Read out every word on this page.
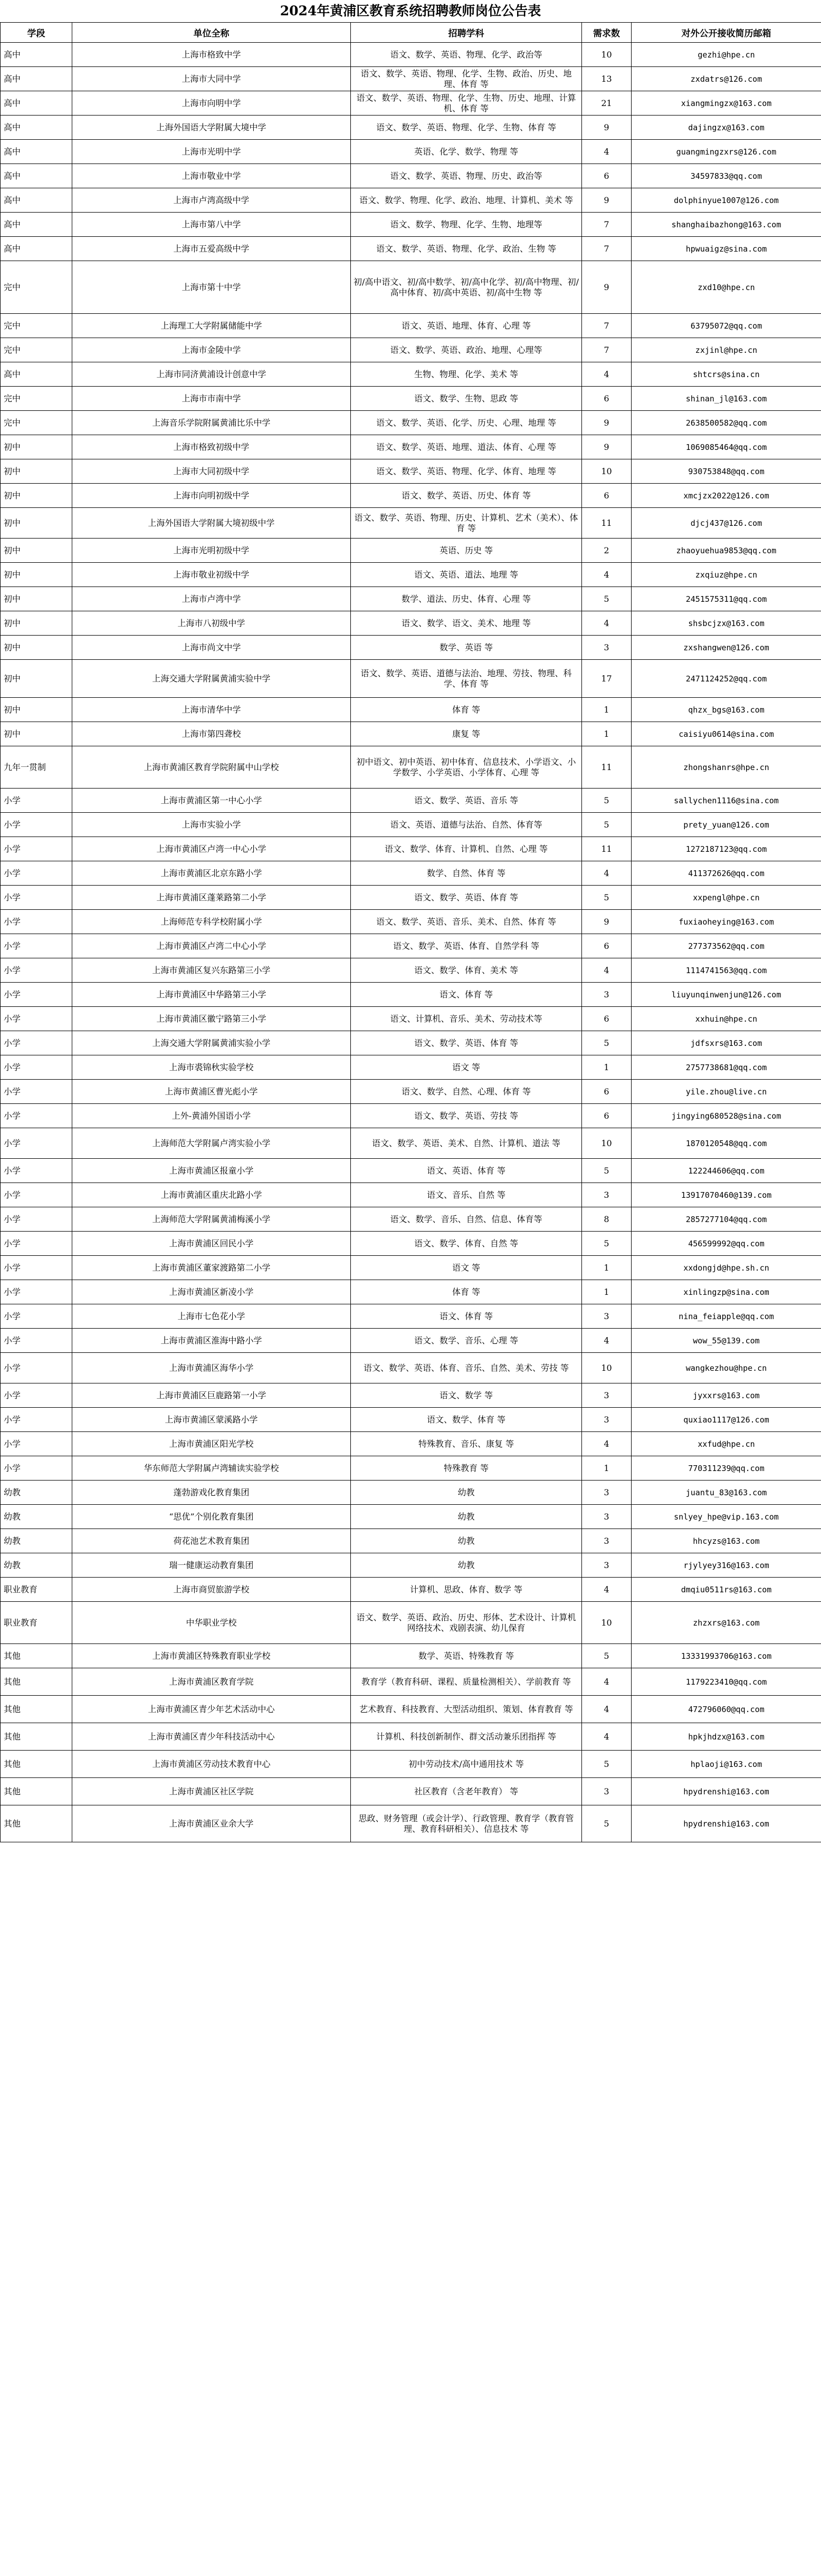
2024年黄浦区教育系统招聘教师岗位公告表
学段	单位全称	招聘学科	需求数	对外公开接收简历邮箱
高中	上海市格致中学	语文、数学、英语、物理、化学、政治等	10	gezhi@hpe.cn
高中	上海市大同中学	语文、数学、英语、物理、化学、生物、政治、历史、地理、体育 等	13	zxdatrs@126.com
高中	上海市向明中学	语文、数学、英语、物理、化学、生物、历史、地理、计算机、体育 等	21	xiangmingzx@163.com
高中	上海外国语大学附属大境中学	语文、数学、英语、物理、化学、生物、体育 等	9	dajingzx@163.com
高中	上海市光明中学	英语、化学、数学、物理 等	4	guangmingzxrs@126.com
高中	上海市敬业中学	语文、数学、英语、物理、历史、政治等	6	34597833@qq.com
高中	上海市卢湾高级中学	语文、数学、物理、化学、政治、地理、计算机、美术 等	9	dolphinyue1007@126.com
高中	上海市第八中学	语文、数学、物理、化学、生物、地理等	7	shanghaibazhong@163.com
高中	上海市五爱高级中学	语文、数学、英语、物理、化学、政治、生物 等	7	hpwuaigz@sina.com
完中	上海市第十中学	初/高中语文、初/高中数学、初/高中化学、初/高中物理、初/高中体育、初/高中英语、初/高中生物 等	9	zxd10@hpe.cn
完中	上海理工大学附属储能中学	语文、英语、地理、体育、心理 等	7	63795072@qq.com
完中	上海市金陵中学	语文、数学、英语、政治、地理、心理等	7	zxjinl@hpe.cn
高中	上海市同济黄浦设计创意中学	生物、物理、化学、美术 等	4	shtcrs@sina.cn
完中	上海市市南中学	语文、数学、生物、思政 等	6	shinan_jl@163.com
完中	上海音乐学院附属黄浦比乐中学	语文、数学、英语、化学、历史、心理、地理 等	9	2638500582@qq.com
初中	上海市格致初级中学	语文、数学、英语、地理、道法、体育、心理 等	9	1069085464@qq.com
初中	上海市大同初级中学	语文、数学、英语、物理、化学、体育、地理 等	10	930753848@qq.com
初中	上海市向明初级中学	语文、数学、英语、历史、体育 等	6	xmcjzx2022@126.com
初中	上海外国语大学附属大境初级中学	语文、数学、英语、物理、历史、计算机、艺术（美术）、体育 等	11	djcj437@126.com
初中	上海市光明初级中学	英语、历史 等	2	zhaoyuehua9853@qq.com
初中	上海市敬业初级中学	语文、英语、道法、地理 等	4	zxqiuz@hpe.cn
初中	上海市卢湾中学	数学、道法、历史、体育、心理 等	5	2451575311@qq.com
初中	上海市八初级中学	语文、数学、语文、美术、地理 等	4	shsbcjzx@163.com
初中	上海市尚文中学	数学、英语 等	3	zxshangwen@126.com
初中	上海交通大学附属黄浦实验中学	语文、数学、英语、道德与法治、地理、劳技、物理、科学、体育 等	17	2471124252@qq.com
初中	上海市清华中学	体育 等	1	qhzx_bgs@163.com
初中	上海市第四聋校	康复 等	1	caisiyu0614@sina.com
九年一贯制	上海市黄浦区教育学院附属中山学校	初中语文、初中英语、初中体育、信息技术、小学语文、小学数学、小学英语、小学体育、心理 等	11	zhongshanrs@hpe.cn
小学	上海市黄浦区第一中心小学	语文、数学、英语、音乐 等	5	sallychen1116@sina.com
小学	上海市实验小学	语文、英语、道德与法治、自然、体育等	5	prety_yuan@126.com
小学	上海市黄浦区卢湾一中心小学	语文、数学、体育、计算机、自然、心理 等	11	1272187123@qq.com
小学	上海市黄浦区北京东路小学	数学、自然、体育 等	4	411372626@qq.com
小学	上海市黄浦区蓬莱路第二小学	语文、数学、英语、体育 等	5	xxpengl@hpe.cn
小学	上海师范专科学校附属小学	语文、数学、英语、音乐、美术、自然、体育 等	9	fuxiaoheying@163.com
小学	上海市黄浦区卢湾二中心小学	语文、数学、英语、体育、自然学科 等	6	277373562@qq.com
小学	上海市黄浦区复兴东路第三小学	语文、数学、体育、美术 等	4	1114741563@qq.com
小学	上海市黄浦区中华路第三小学	语文、体育 等	3	liuyunqinwenjun@126.com
小学	上海市黄浦区徽宁路第三小学	语文、计算机、音乐、美术、劳动技术等	6	xxhuin@hpe.cn
小学	上海交通大学附属黄浦实验小学	语文、数学、英语、体育 等	5	jdfsxrs@163.com
小学	上海市裘锦秋实验学校	语文 等	1	2757738681@qq.com
小学	上海市黄浦区曹光彪小学	语文、数学、自然、心理、体育 等	6	yile.zhou@live.cn
小学	上外-黄浦外国语小学	语文、数学、英语、劳技 等	6	jingying680528@sina.com
小学	上海师范大学附属卢湾实验小学	语文、数学、英语、美术、自然、计算机、道法 等	10	1870120548@qq.com
小学	上海市黄浦区报童小学	语文、英语、体育 等	5	122244606@qq.com
小学	上海市黄浦区重庆北路小学	语文、音乐、自然 等	3	13917070460@139.com
小学	上海师范大学附属黄浦梅溪小学	语文、数学、音乐、自然、信息、体育等	8	2857277104@qq.com
小学	上海市黄浦区回民小学	语文、数学、体育、自然 等	5	456599992@qq.com
小学	上海市黄浦区董家渡路第二小学	语文 等	1	xxdongjd@hpe.sh.cn
小学	上海市黄浦区新凌小学	体育 等	1	xinlingzp@sina.com
小学	上海市七色花小学	语文、体育 等	3	nina_feiapple@qq.com
小学	上海市黄浦区淮海中路小学	语文、数学、音乐、心理 等	4	wow_55@139.com
小学	上海市黄浦区海华小学	语文、数学、英语、体育、音乐、自然、美术、劳技 等	10	wangkezhou@hpe.cn
小学	上海市黄浦区巨鹿路第一小学	语文、数学 等	3	jyxxrs@163.com
小学	上海市黄浦区蒙溪路小学	语文、数学、体育 等	3	quxiao1117@126.com
小学	上海市黄浦区阳光学校	特殊教育、音乐、康复 等	4	xxfud@hpe.cn
小学	华东师范大学附属卢湾辅读实验学校	特殊教育 等	1	770311239@qq.com
幼教	蓬勃游戏化教育集团	幼教	3	juantu_83@163.com
幼教	“思优”个别化教育集团	幼教	3	snlyey_hpe@vip.163.com
幼教	荷花池艺术教育集团	幼教	3	hhcyzs@163.com
幼教	瑞一健康运动教育集团	幼教	3	rjylyey316@163.com
职业教育	上海市商贸旅游学校	计算机、思政、体育、数学 等	4	dmqiu0511rs@163.com
职业教育	中华职业学校	语文、数学、英语、政治、历史、形体、艺术设计、计算机网络技术、戏剧表演、幼儿保育	10	zhzxrs@163.com
其他	上海市黄浦区特殊教育职业学校	数学、英语、特殊教育 等	5	13331993706@163.com
其他	上海市黄浦区教育学院	教育学（教育科研、课程、质量检测相关）、学前教育 等	4	1179223410@qq.com
其他	上海市黄浦区青少年艺术活动中心	艺术教育、科技教育、大型活动组织、策划、体育教育 等	4	472796060@qq.com
其他	上海市黄浦区青少年科技活动中心	计算机、科技创新制作、群文活动兼乐团指挥 等	4	hpkjhdzx@163.com
其他	上海市黄浦区劳动技术教育中心	初中劳动技术/高中通用技术 等	5	hplaoji@163.com
其他	上海市黄浦区社区学院	社区教育（含老年教育） 等	3	hpydrenshi@163.com
其他	上海市黄浦区业余大学	思政、财务管理（或会计学）、行政管理、教育学（教育管理、教育科研相关）、信息技术 等	5	hpydrenshi@163.com
